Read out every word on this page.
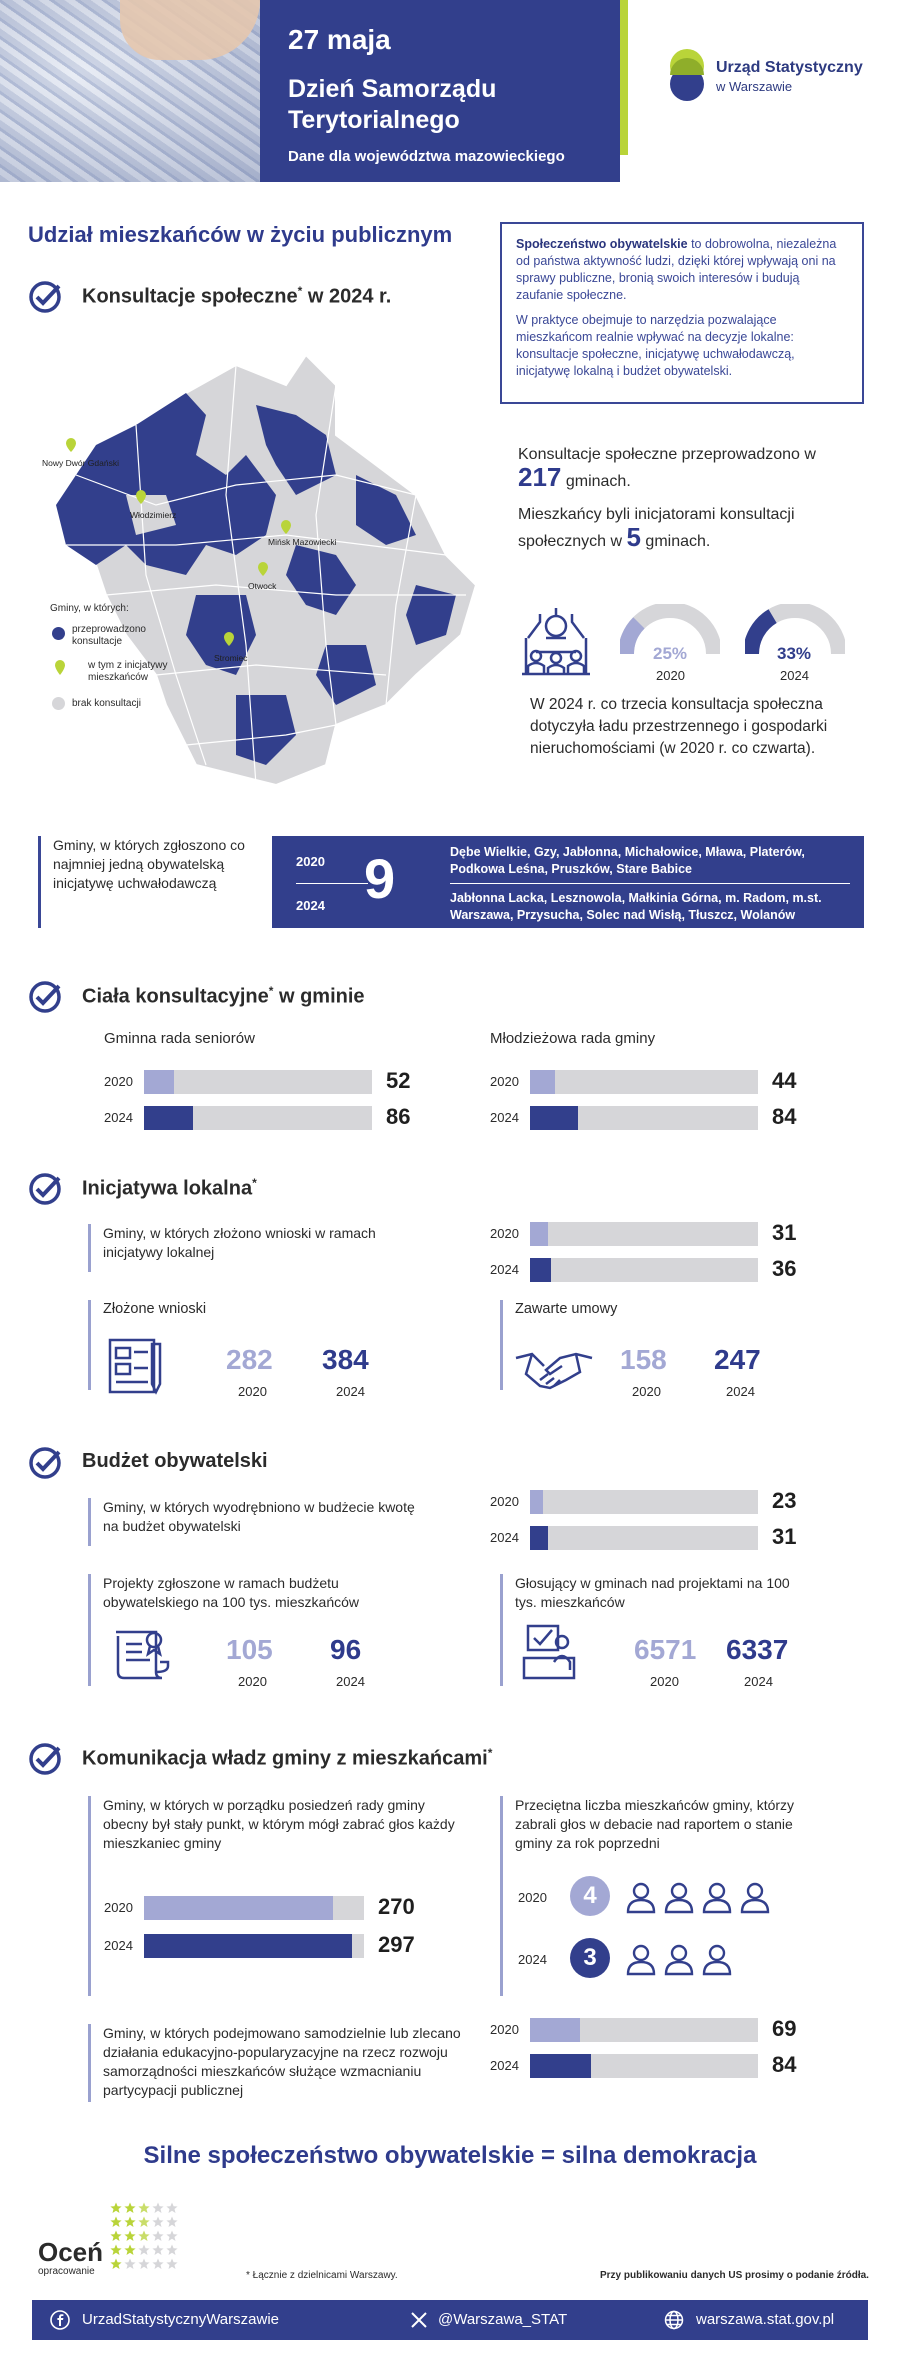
27 maja
Dzień Samorządu Terytorialnego
Dane dla województwa mazowieckiego
Urząd Statystyczny
w Warszawie
Udział mieszkańców w życiu publicznym	Społeczeństwo obywatelskie to dobrowolna, niezależna od państwa aktywność ludzi, dzięki której wpływają oni na sprawy publiczne, bronią swoich interesów i budują zaufanie społeczne.

W praktyce obejmuje to narzędzia pozwalające mieszkańcom realnie wpływać na decyzje lokalne: konsultacje społeczne, inicjatywę uchwałodawczą, inicjatywę lokalną i budżet obywatelski.

Konsultacje społeczne* w 2024 r.
Nowy Dwór Gdański
Włodzimierz
Mińsk Mazowiecki
Otwock
Stromiec
Gminy, w których:
przeprowadzono konsultacje
w tym z inicjatywy mieszkańców
brak konsultacji
Konsultacje społeczne przeprowadzono w 217 gminach.
Mieszkańcy byli inicjatorami konsultacji społecznych w 5 gminach.
25%
2020
33%
2024
W 2024 r. co trzecia konsultacja społeczna dotyczyła ładu przestrzennego i gospodarki nieruchomościami (w 2020 r. co czwarta).
Gminy, w których zgłoszono co najmniej jedną obywatelską inicjatywę uchwałodawczą
2020
2024 9	Dębe Wielkie, Gzy, Jabłonna, Michałowice, Mława, Platerów, Podkowa Leśna, Pruszków, Stare Babice
Jabłonna Lacka, Lesznowola, Małkinia Górna, m. Radom, m.st. Warszawa, Przysucha, Solec nad Wisłą, Tłuszcz, Wolanów
Ciała konsultacyjne* w gminie
Gminna rada seniorów	Młodzieżowa rada gminy
2020	52
2024	86
2020	44
2024	84
Inicjatywa lokalna*
Gminy, w których złożono wnioski w ramach inicjatywy lokalnej
2020	31
2024	36
Złożone wnioski
282 384
2020	2024
Zawarte umowy
158 247
2020	2024
Budżet obywatelski
Gminy, w których wyodrębniono w budżecie kwotę na budżet obywatelski
2020	23
2024	31
Projekty zgłoszone w ramach budżetu obywatelskiego na 100 tys. mieszkańców
105 96
2020	2024
Głosujący w gminach nad projektami na 100 tys. mieszkańców
6571 6337
2020	2024
Komunikacja władz gminy z mieszkańcami*
Gminy, w których w porządku posiedzeń rady gminy obecny był stały punkt, w którym mógł zabrać głos każdy mieszkaniec gminy
2020	270
2024	297
Przeciętna liczba mieszkańców gminy, którzy zabrali głos w debacie nad raportem o stanie gminy za rok poprzedni
2020	4
2024	3
Gminy, w których podejmowano samodzielnie lub zlecano działania edukacyjno-popularyzacyjne na rzecz rozwoju samorządności mieszkańców służące wzmacnianiu partycypacji publicznej
2020	69
2024	84
Silne społeczeństwo obywatelskie = silna demokracja
Oceń
opracowanie	* Łącznie z dzielnicami Warszawy.	Przy publikowaniu danych US prosimy o podanie źródła.
UrzadStatystycznyWarszawie	@Warszawa_STAT	warszawa.stat.gov.pl
